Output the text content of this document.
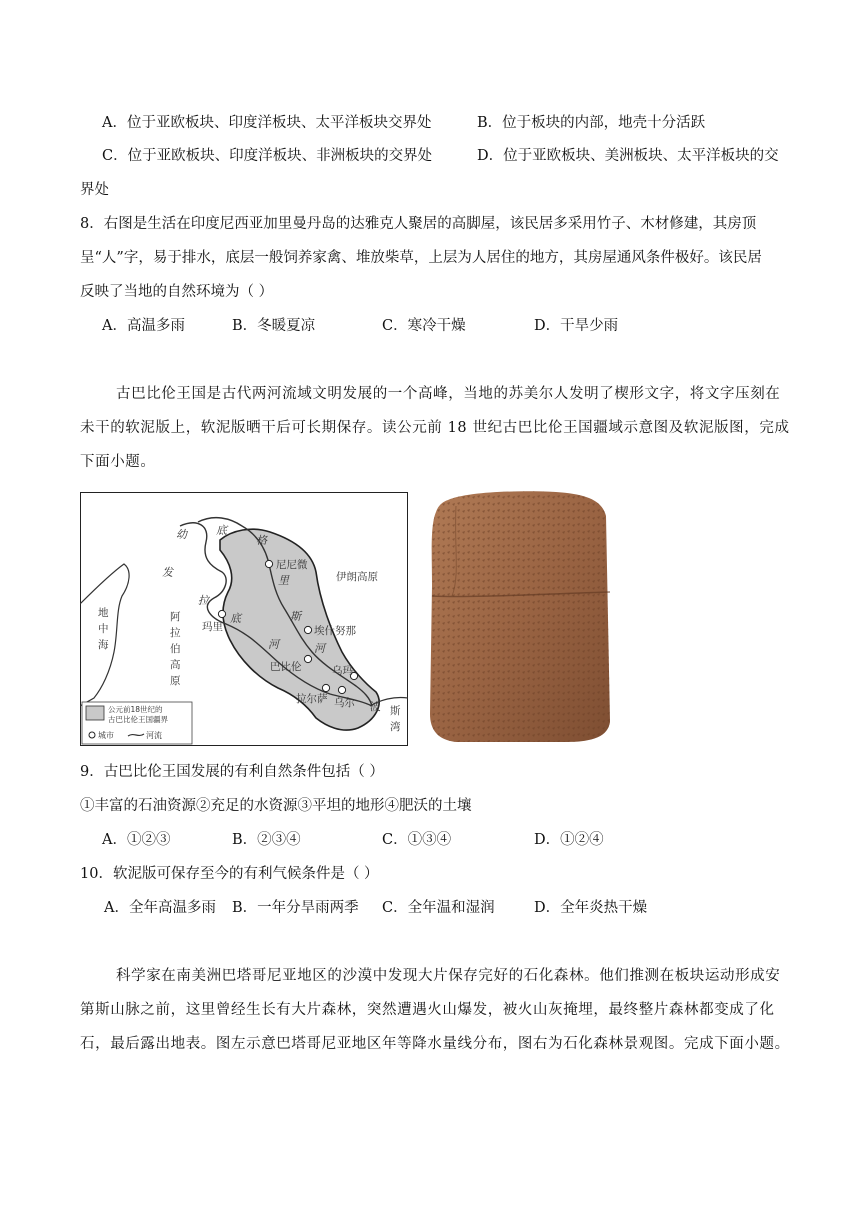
A．位于亚欧板块、印度洋板块、太平洋板块交界处	B．位于板块的内部，地壳十分活跃
C．位于亚欧板块、印度洋板块、非洲板块的交界处	D．位于亚欧板块、美洲板块、太平洋板块的交
界处
8．右图是生活在印度尼西亚加里曼丹岛的达雅克人聚居的高脚屋，该民居多采用竹子、木材修建，其房顶
呈“人”字，易于排水，底层一般饲养家禽、堆放柴草，上层为人居住的地方，其房屋通风条件极好。该民居
反映了当地的自然环境为（ ）
A．高温多雨	B．冬暖夏凉	C．寒冷干燥	D．干旱少雨
古巴比伦王国是古代两河流域文明发展的一个高峰，当地的苏美尔人发明了楔形文字，将文字压刻在
未干的软泥版上，软泥版晒干后可长期保存。读公元前 18 世纪古巴比伦王国疆域示意图及软泥版图，完成
下面小题。
幼
发
拉
底
河
底
格
里
斯
河
尼尼微
玛里	埃什努那
巴比伦	乌玛
乌尔
拉尔萨
伊朗高原
地
中
海
阿
拉
伯
高
原
波 斯
湾
公元前18世纪的
古巴比伦王国疆界
城市	河流
9．古巴比伦王国发展的有利自然条件包括（ ）
①丰富的石油资源②充足的水资源③平坦的地形④肥沃的土壤
A．①②③	B．②③④	C．①③④	D．①②④
10．软泥版可保存至今的有利气候条件是（ ）
A．全年高温多雨 B．一年分旱雨两季 C．全年温和湿润	D．全年炎热干燥
科学家在南美洲巴塔哥尼亚地区的沙漠中发现大片保存完好的石化森林。他们推测在板块运动形成安
第斯山脉之前，这里曾经生长有大片森林，突然遭遇火山爆发，被火山灰掩埋，最终整片森林都变成了化
石，最后露出地表。图左示意巴塔哥尼亚地区年等降水量线分布，图右为石化森林景观图。完成下面小题。
